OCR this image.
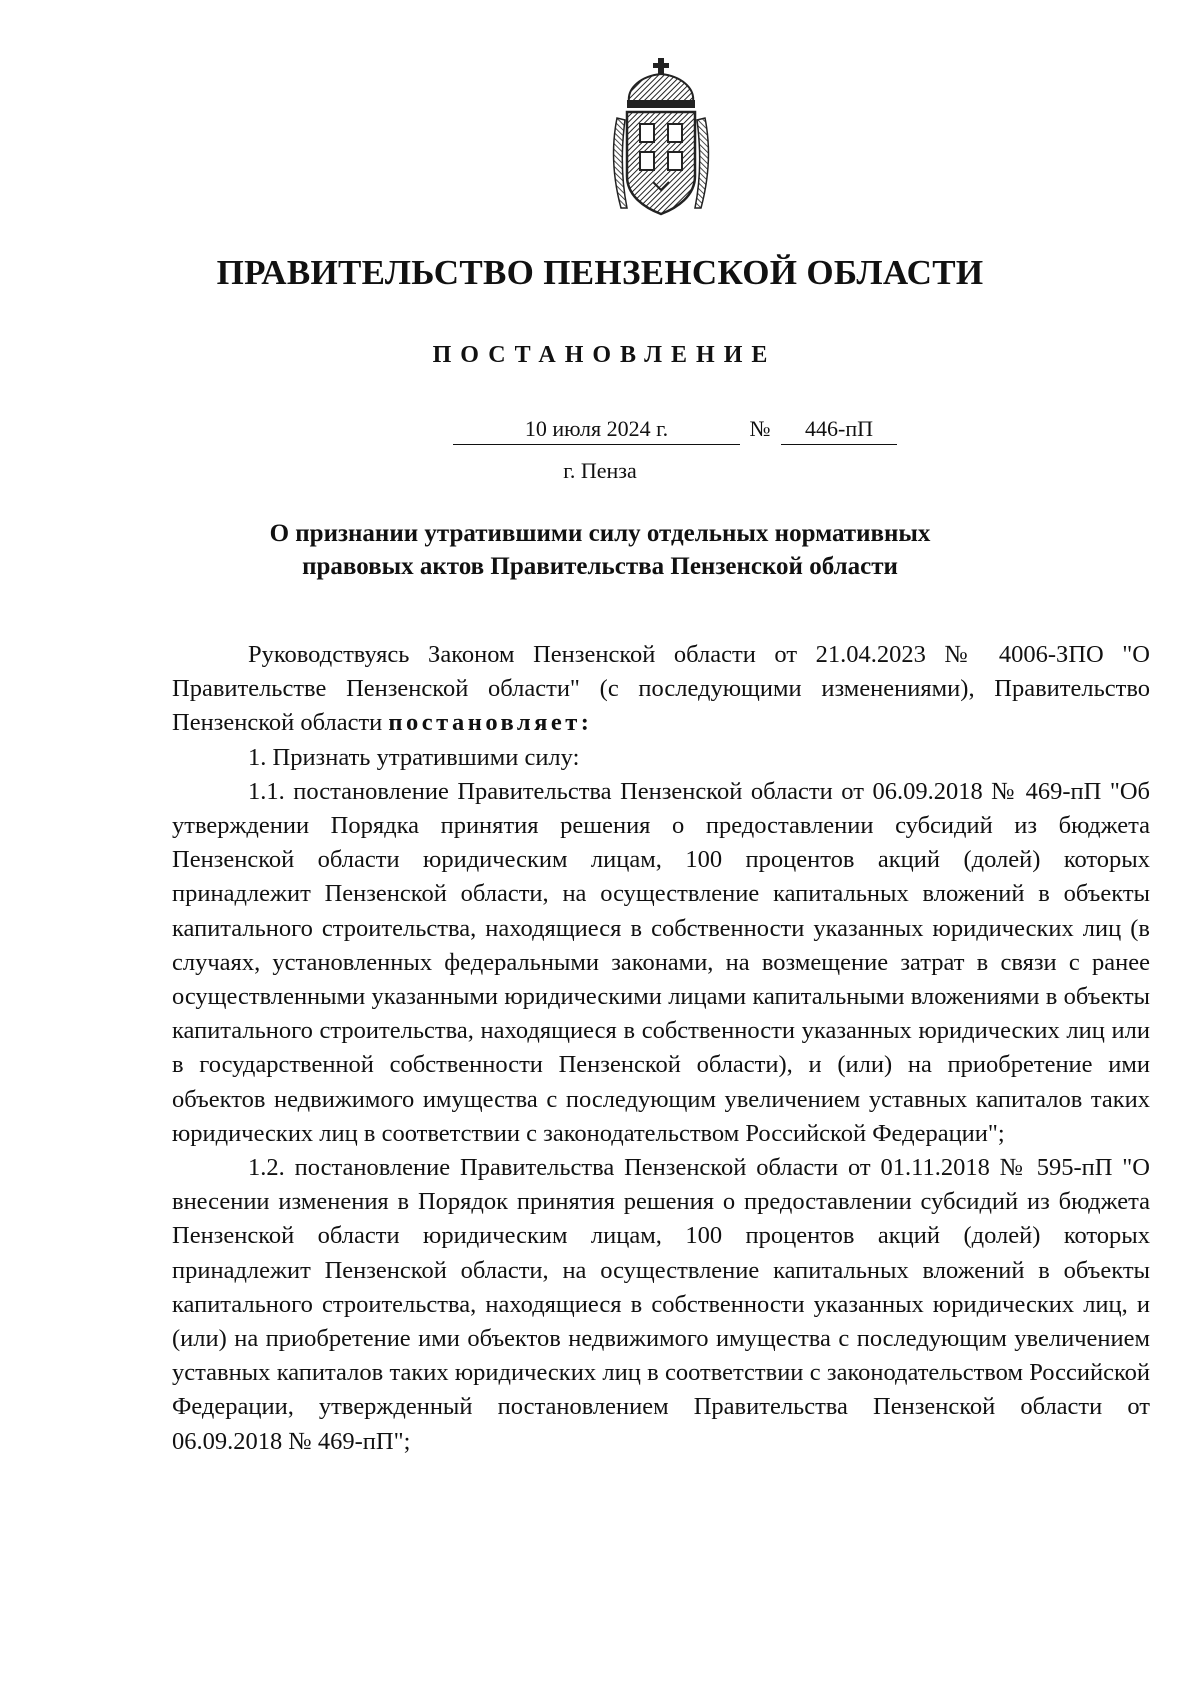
ПРАВИТЕЛЬСТВО ПЕНЗЕНСКОЙ ОБЛАСТИ
ПОСТАНОВЛЕНИЕ
10 июля 2024 г.	№	446-пП
г. Пенза
О признании утратившими силу отдельных нормативных
правовых актов Правительства Пензенской области

Руководствуясь Законом Пензенской области от 21.04.2023 № 4006-ЗПО "О Правительстве Пензенской области" (с последующими изменениями), Правительство Пензенской области постановляет:

1. Признать утратившими силу:

1.1. постановление Правительства Пензенской области от 06.09.2018 № 469-пП "Об утверждении Порядка принятия решения о предоставлении субсидий из бюджета Пензенской области юридическим лицам, 100 процентов акций (долей) которых принадлежит Пензенской области, на осуществление капитальных вложений в объекты капитального строительства, находящиеся в собственности указанных юридических лиц (в случаях, установленных федеральными законами, на возмещение затрат в связи с ранее осуществленными указанными юридическими лицами капитальными вложениями в объекты капитального строительства, находящиеся в собственности указанных юридических лиц или в государственной собственности Пензенской области), и (или) на приобретение ими объектов недвижимого имущества с последующим увеличением уставных капиталов таких юридических лиц в соответствии с законодательством Российской Федерации";

1.2. постановление Правительства Пензенской области от 01.11.2018 № 595-пП "О внесении изменения в Порядок принятия решения о предоставлении субсидий из бюджета Пензенской области юридическим лицам, 100 процентов акций (долей) которых принадлежит Пензенской области, на осуществление капитальных вложений в объекты капитального строительства, находящиеся в собственности указанных юридических лиц, и (или) на приобретение ими объектов недвижимого имущества с последующим увеличением уставных капиталов таких юридических лиц в соответствии с законодательством Российской Федерации, утвержденный постановлением Правительства Пензенской области от 06.09.2018 № 469-пП";
